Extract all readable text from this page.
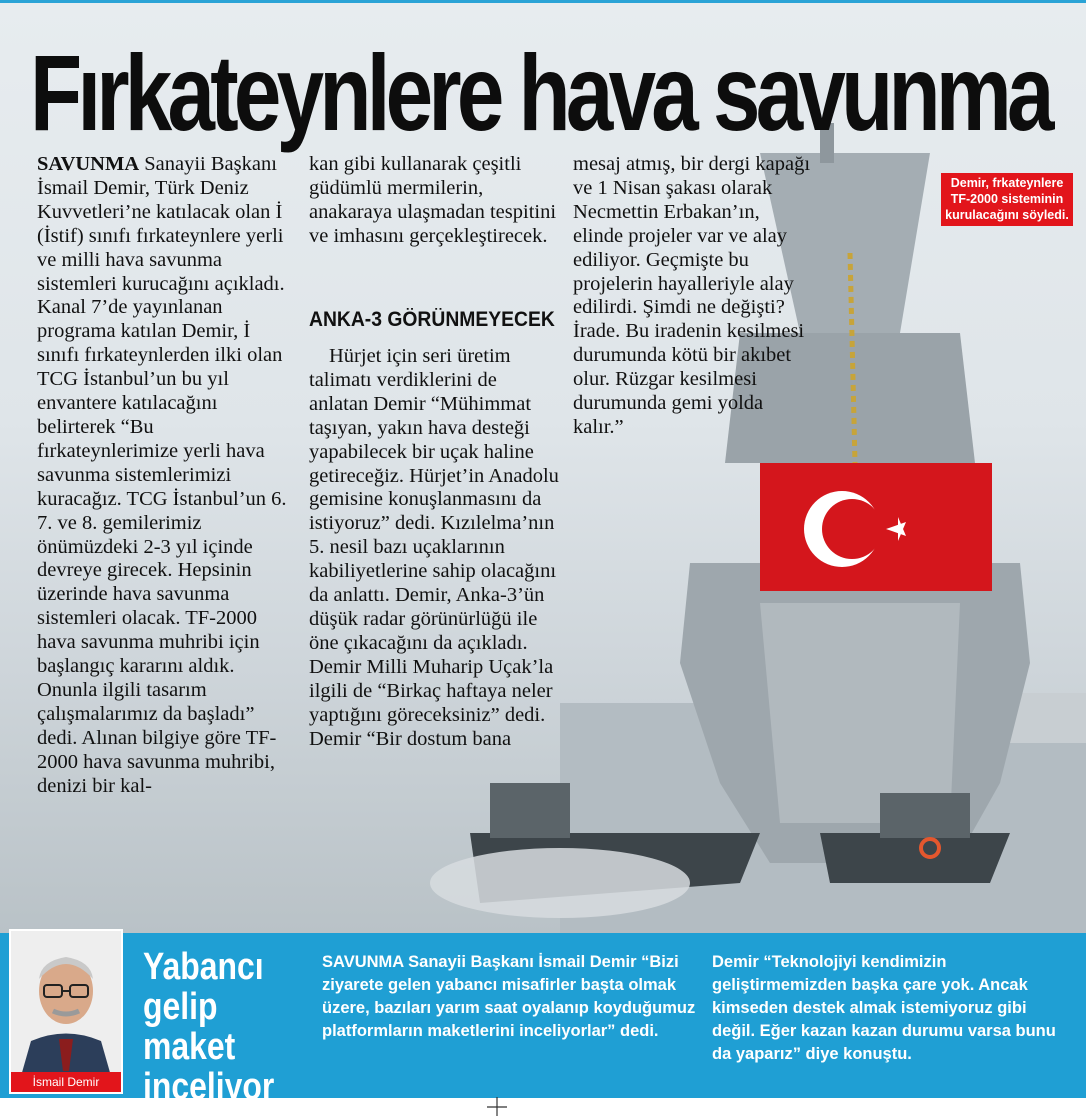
Fırkateynlere hava savunma
SAVUNMA Sanayii Başkanı İsmail Demir, Türk Deniz Kuvvetleri’ne katılacak olan İ (İstif) sınıfı fırkateynlere yerli ve milli hava savunma sistemleri kurucağını açıkladı. Kanal 7’de yayınlanan programa katılan Demir, İ sınıfı fırkateynlerden ilki olan TCG İstanbul’un bu yıl envantere katılacağını belirterek “Bu fırkateynlerimize yerli hava savunma sistemlerimizi kuracağız. TCG İstanbul’un 6. 7. ve 8. gemilerimiz önümüzdeki 2-3 yıl içinde devreye girecek. Hepsinin üzerinde hava savunma sistemleri olacak. TF-2000 hava savunma muhribi için başlangıç kararını aldık. Onunla ilgili tasarım çalışmalarımız da başladı” dedi. Alınan bilgiye göre TF-2000 hava savunma muhribi, denizi bir kal-
kan gibi kullanarak çeşitli güdümlü mermilerin, anakaraya ulaşmadan tespitini ve imhasını gerçekleştirecek.
ANKA-3 GÖRÜNMEYECEK
Hürjet için seri üretim talimatı verdiklerini de anlatan Demir “Mühimmat taşıyan, yakın hava desteği yapabilecek bir uçak haline getireceğiz. Hürjet’in Anadolu gemisine konuşlanmasını da istiyoruz” dedi. Kızılelma’nın 5. nesil bazı uçaklarının kabiliyetlerine sahip olacağını da anlattı. Demir, Anka-3’ün düşük radar görünürlüğü ile öne çıkacağını da açıkladı. Demir Milli Muharip Uçak’la ilgili de “Birkaç haftaya neler yaptığını göreceksiniz” dedi. Demir “Bir dostum bana
mesaj atmış, bir dergi kapağı ve 1 Nisan şakası olarak Necmettin Erbakan’ın, elinde projeler var ve alay ediliyor. Geçmişte bu projelerin hayalleriyle alay edilirdi. Şimdi ne değişti? İrade. Bu iradenin kesilmesi durumunda kötü bir akıbet olur. Rüzgar kesilmesi durumunda gemi yolda kalır.”
Demir, frkateynlere TF-2000 sisteminin kurulacağını söyledi.
İsmail Demir
Yabancı gelip maket inceliyor
SAVUNMA Sanayii Başkanı İsmail Demir “Bizi ziyarete gelen yabancı misafirler başta olmak üzere, bazıları yarım saat oyalanıp koyduğumuz platformların maketlerini inceliyorlar” dedi.
Demir “Teknolojiyi kendimizin geliştirmemizden başka çare yok. Ancak kimseden destek almak istemiyoruz gibi değil. Eğer kazan kazan durumu varsa bunu da yaparız” diye konuştu.
